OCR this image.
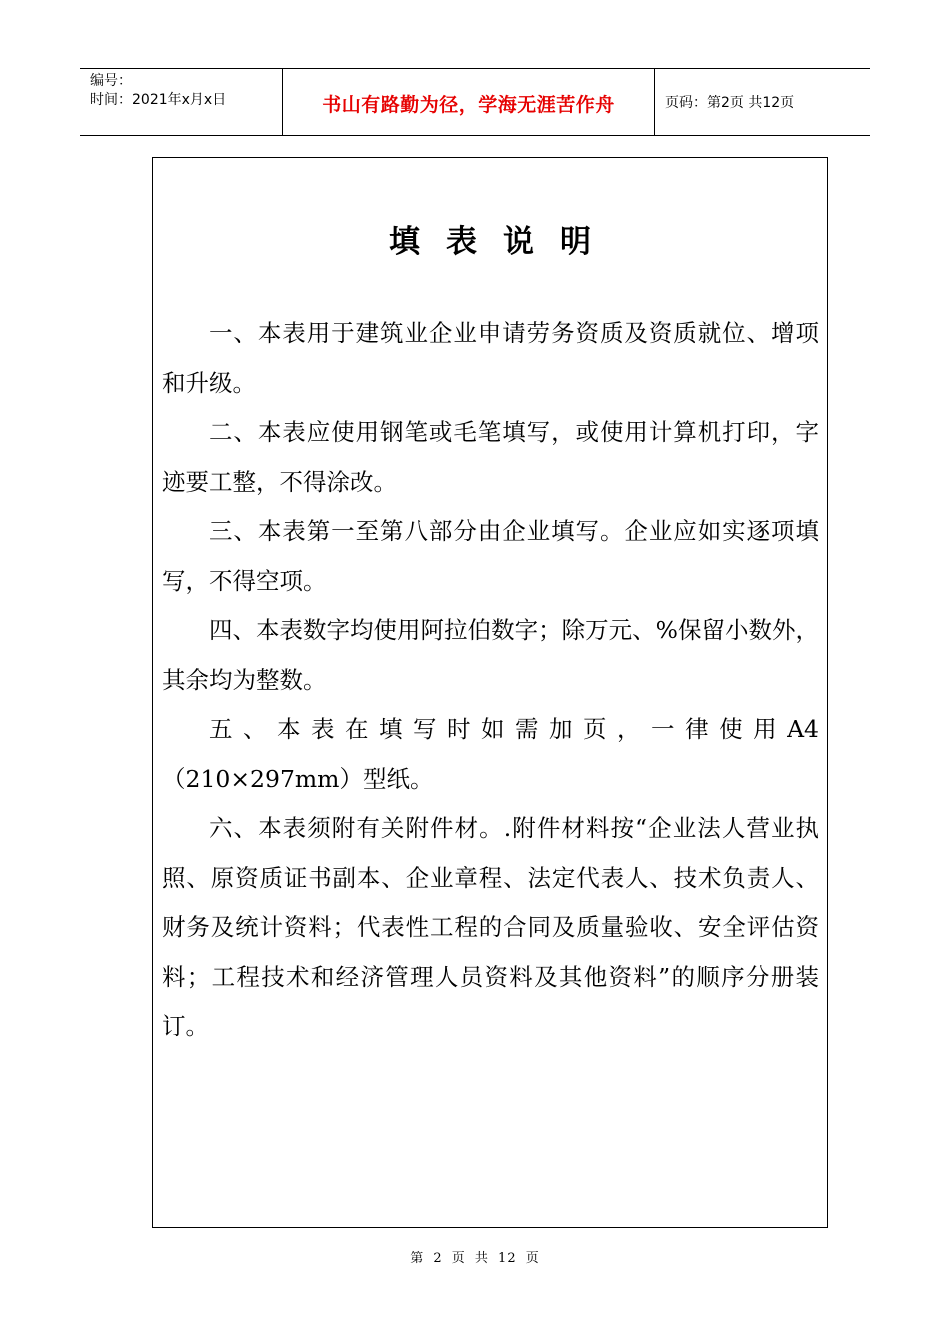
编号：
时间：2021年x月x日	书山有路勤为径，学海无涯苦作舟	页码：第2页 共12页
填表说明

一、本表用于建筑业企业申请劳务资质及资质就位、增项和升级。

二、本表应使用钢笔或毛笔填写，或使用计算机打印，字迹要工整，不得涂改。

三、本表第一至第八部分由企业填写。企业应如实逐项填写，不得空项。

四、本表数字均使用阿拉伯数字；除万元、%保留小数外，其余均为整数。

五、本表在填写时如需加页，一律使用A4（210×297mm）型纸。

六、本表须附有关附件材。.附件材料按“企业法人营业执照、原资质证书副本、企业章程、法定代表人、技术负责人、财务及统计资料；代表性工程的合同及质量验收、安全评估资料；工程技术和经济管理人员资料及其他资料”的顺序分册装订。

第 2 页 共 12 页
